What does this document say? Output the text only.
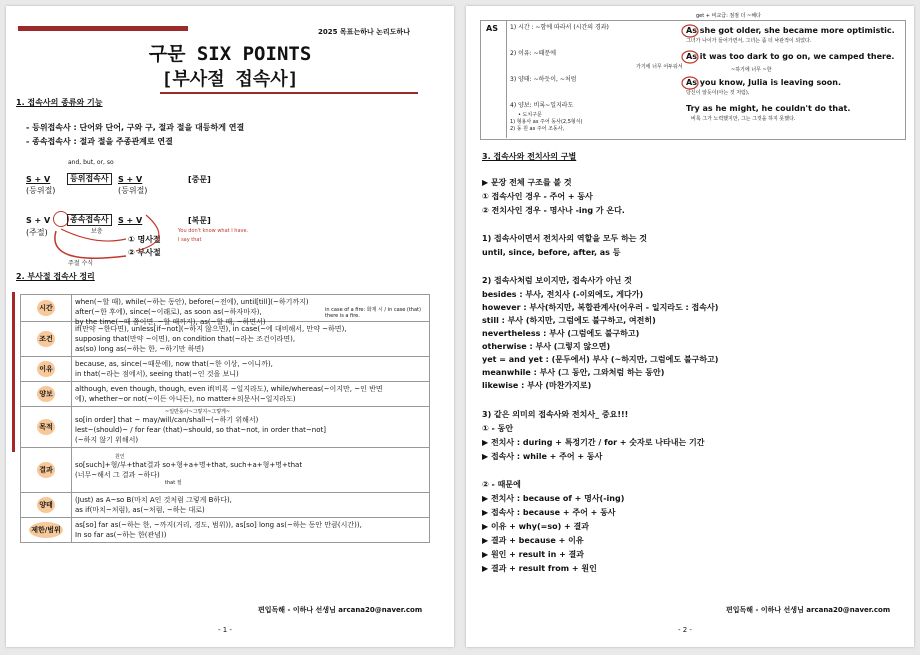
2025 목표는하나 논리도하나
구문 SIX POINTS
[부사절 접속사]
1. 접속사의 종류와 기능
- 등위접속사 : 단어와 단어, 구와 구, 절과 절을 대등하게 연결
- 종속접속사 : 절과 절을 주종관계로 연결
and, but, or, so
S + V	등위접속사	S + V	[중문]
(등위절)	(등위절)
S + V	종속접속사	S + V	[복문]
(주절)	보충
① 명사절
② 부사절
주절 수식
You don't know what I have.
I say that
2. 부사절 접속사 정리
시간	when(~할 때), while(~하는 동안), before(~전에), until[till](~하기까지)
after(~한 후에), since(~이래로), as soon as(~하자마자),
by the time(~때 쯤이면, ~할 때까지), as(~할 때, ~하면서)
in case of a fire: 화재 시 / in case (that) there is a fire.

조건	if(만약 ~한다면), unless[if~not](~하지 않으면), in case(~에 대비해서, 만약 ~하면),
supposing that(만약 ~이면), on condition that(~라는 조건이라면),
as(so) long as(~하는 한, ~하기만 하면)

이유	because, as, since(~때문에), now that(~한 이상, ~이니까),
in that(~라는 점에서), seeing that(~인 것을 보니)

양보	although, even though, though, even if(비록 ~일지라도), while/whereas(~이지만, ~인 반면
에), whether~or not(~이든 아니든), no matter+의문사(~일지라도)

목적	~일반동사~그렇지~그렇게~
so[in order] that ~ may/will/can/shall~(~하기 위해서)
lest~(should)~ / for fear (that)~should, so that~not, in order that~not]
(~하지 않기 위해서)

결과	원인
so[such]+형/부+that결과 so+형+a+명+that, such+a+형+명+that
(너무~해서 그 결과 ~하다)
that 절

양태	(Just) as A~so B(마치 A인 것처럼 그렇게 B하다),
as if(마치~처럼), as(~처럼, ~하는 대로)

제한/범위	as[so] far as(~하는 한, ~까지(거리, 경도, 범위)), as[so] long as(~하는 동안 만큼(시간)),
In so far as(~하는 한(관념))
편입독해 - 이하나 선생님 arcana20@naver.com
- 1 -
AS
get + 비교급: 점점 더 ~해다
1) 시간 : ~함에 따라서 (시간의 경과)	As she got older, she became more optimistic.
그녀가 나이가 들어가면서, 그녀는 좀 더 낙관적이 되었다.
2) 이유: ~때문에	As it was too dark to go on, we camped there.
가기에 너무 어두워서	~하기에 너무 ~한
3) 양태: ~하듯이, ~처럼	As you know, Julia is leaving soon.
당신이 알듯이(아는 것 처럼),
4) 양보: 비록~일지라도	Try as he might, he couldn't do that.
비록 그가 노력했지만, 그는 그것을 하지 못했다.
• 도치구문
1) 형용사 as 주어 동사(2,5형식)
2) 동 원 as 주어 조동사,
3. 접속사와 전치사의 구별
▶ 문장 전체 구조를 볼 것
① 접속사인 경우 - 주어 + 동사
② 전치사인 경우 - 명사나 -ing 가 온다.
1) 접속사이면서 전치사의 역할을 모두 하는 것
until, since, before, after, as 등
2) 접속사처럼 보이지만, 접속사가 아닌 것
besides : 부사, 전치사 (-이외에도, 게다가)
however : 부사(하지만, 복합관계사(어우러 - 일지라도 : 접속사)
still : 부사 (하지만, 그럼에도 불구하고, 여전히)
nevertheless : 부사 (그럼에도 불구하고)
otherwise : 부사 (그렇지 않으면)
yet = and yet : (문두에서) 부사 (~하지만, 그럼에도 불구하고)
meanwhile : 부사 (그 동안, 그와처럼 하는 동안)
likewise : 부사 (마찬가지로)
3) 같은 의미의 접속사와 전치사_ 중요!!!
① - 동안
▶ 전치사 : during + 특정기간 / for + 숫자로 나타내는 기간
▶ 접속사 : while + 주어 + 동사
② - 때문에
▶ 전치사 : because of + 명사(-ing)
▶ 접속사 : because + 주어 + 동사
▶ 이유 + why(=so) + 결과
▶ 결과 + because + 이유
▶ 원인 + result in + 결과
▶ 결과 + result from + 원인
편입독해 - 이하나 선생님 arcana20@naver.com
- 2 -
